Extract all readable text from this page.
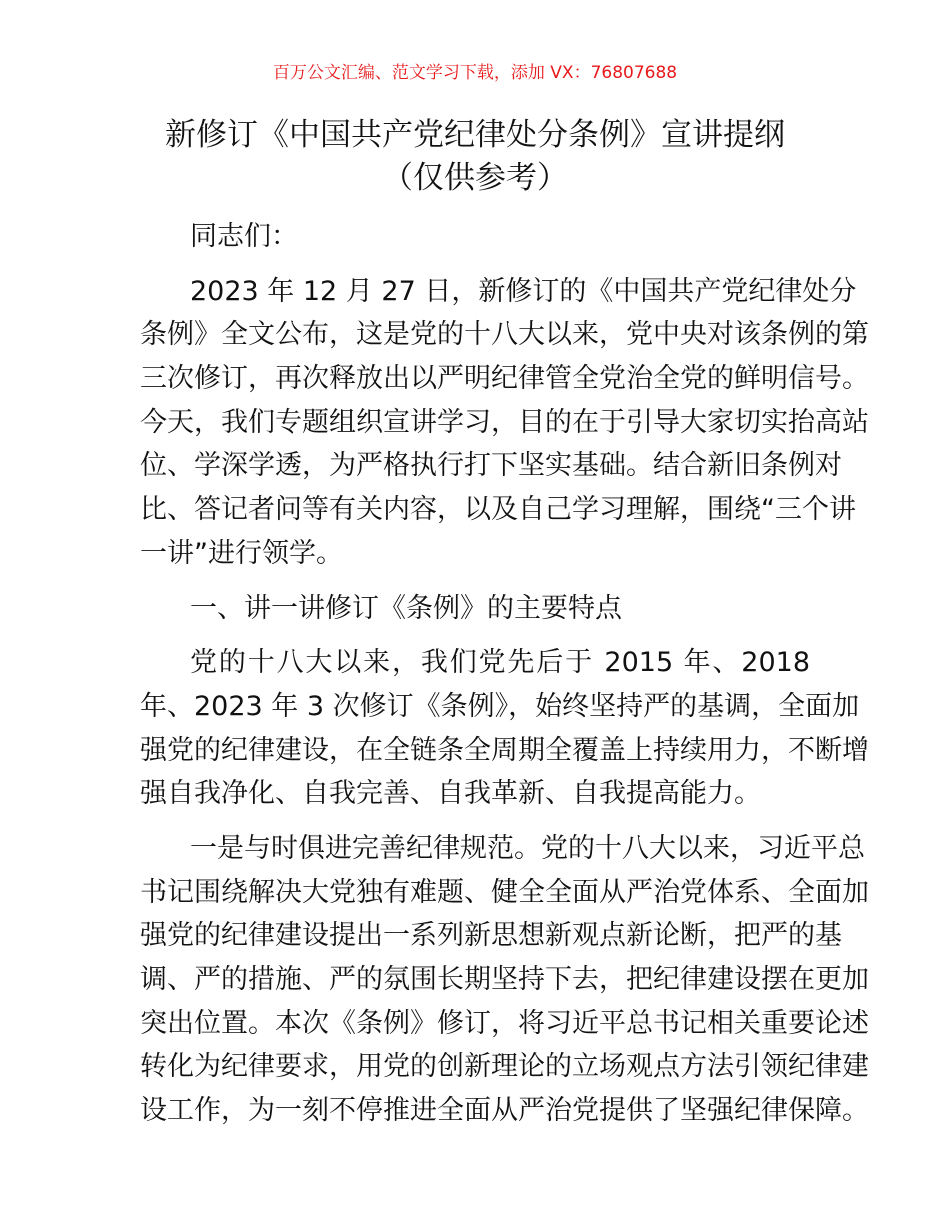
百万公文汇编、范文学习下载，添加 VX：76807688
新修订《中国共产党纪律处分条例》宣讲提纲
（仅供参考）
同志们：
2023 年 12 月 27 日，新修订的《中国共产党纪律处分
条例》全文公布，这是党的十八大以来，党中央对该条例的第
三次修订，再次释放出以严明纪律管全党治全党的鲜明信号。
今天，我们专题组织宣讲学习，目的在于引导大家切实抬高站
位、学深学透，为严格执行打下坚实基础。结合新旧条例对
比、答记者问等有关内容，以及自己学习理解，围绕“三个讲
一讲”进行领学。
一、讲一讲修订《条例》的主要特点
党的十八大以来，我们党先后于 2015 年、2018
年、2023 年 3 次修订《条例》，始终坚持严的基调，全面加
强党的纪律建设，在全链条全周期全覆盖上持续用力，不断增
强自我净化、自我完善、自我革新、自我提高能力。
一是与时俱进完善纪律规范。党的十八大以来，习近平总
书记围绕解决大党独有难题、健全全面从严治党体系、全面加
强党的纪律建设提出一系列新思想新观点新论断，把严的基
调、严的措施、严的氛围长期坚持下去，把纪律建设摆在更加
突出位置。本次《条例》修订，将习近平总书记相关重要论述
转化为纪律要求，用党的创新理论的立场观点方法引领纪律建
设工作，为一刻不停推进全面从严治党提供了坚强纪律保障。
